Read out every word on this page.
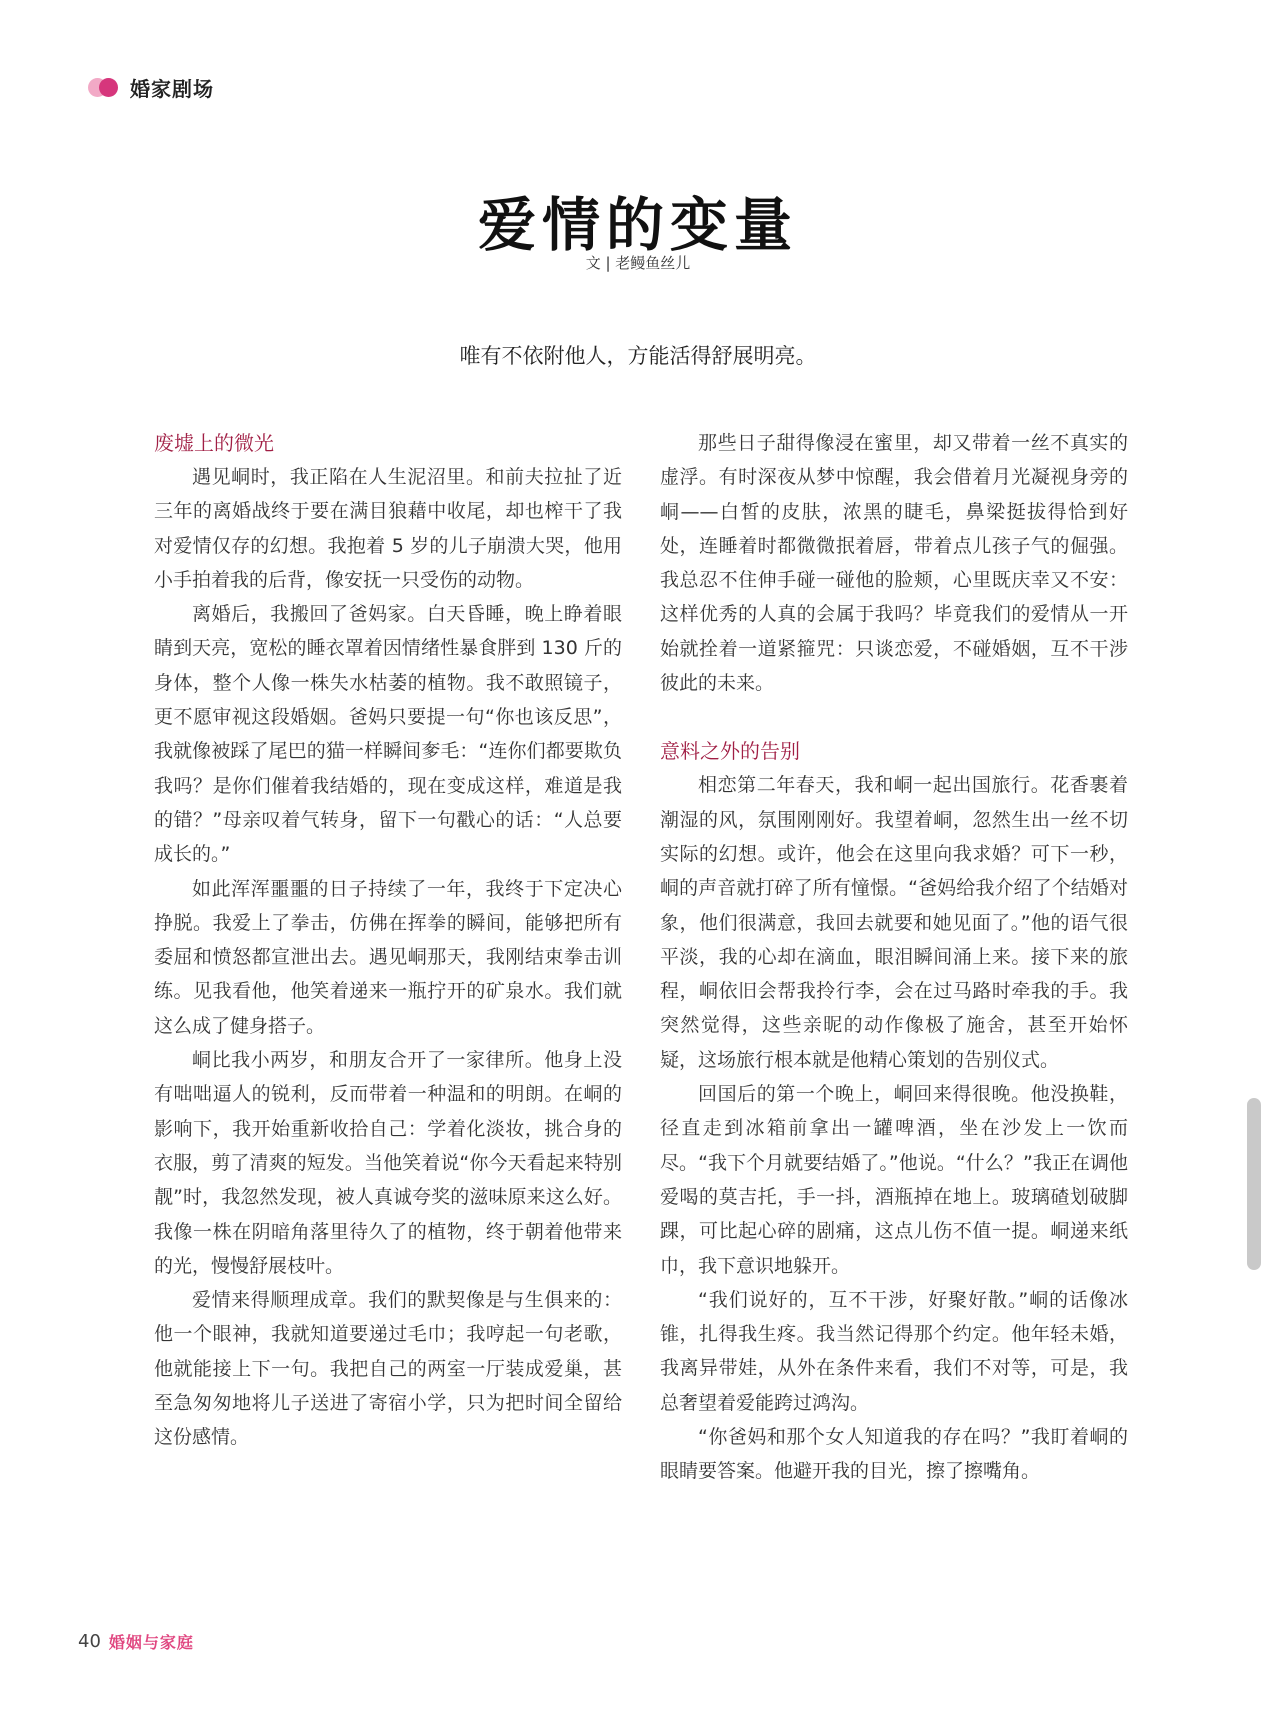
婚家剧场
爱情的变量
文 | 老鳗鱼丝儿
唯有不依附他人，方能活得舒展明亮。
废墟上的微光

遇见峒时，我正陷在人生泥沼里。和前夫拉扯了近三年的离婚战终于要在满目狼藉中收尾，却也榨干了我对爱情仅存的幻想。我抱着 5 岁的儿子崩溃大哭，他用小手拍着我的后背，像安抚一只受伤的动物。

离婚后，我搬回了爸妈家。白天昏睡，晚上睁着眼睛到天亮，宽松的睡衣罩着因情绪性暴食胖到 130 斤的身体，整个人像一株失水枯萎的植物。我不敢照镜子，更不愿审视这段婚姻。爸妈只要提一句“你也该反思”，我就像被踩了尾巴的猫一样瞬间奓毛：“连你们都要欺负我吗？是你们催着我结婚的，现在变成这样，难道是我的错？”母亲叹着气转身，留下一句戳心的话：“人总要成长的。”

如此浑浑噩噩的日子持续了一年，我终于下定决心挣脱。我爱上了拳击，仿佛在挥拳的瞬间，能够把所有委屈和愤怒都宣泄出去。遇见峒那天，我刚结束拳击训练。见我看他，他笑着递来一瓶拧开的矿泉水。我们就这么成了健身搭子。

峒比我小两岁，和朋友合开了一家律所。他身上没有咄咄逼人的锐利，反而带着一种温和的明朗。在峒的影响下，我开始重新收拾自己：学着化淡妆，挑合身的衣服，剪了清爽的短发。当他笑着说“你今天看起来特别靓”时，我忽然发现，被人真诚夸奖的滋味原来这么好。我像一株在阴暗角落里待久了的植物，终于朝着他带来的光，慢慢舒展枝叶。

爱情来得顺理成章。我们的默契像是与生俱来的：他一个眼神，我就知道要递过毛巾；我哼起一句老歌，他就能接上下一句。我把自己的两室一厅装成爱巢，甚至急匆匆地将儿子送进了寄宿小学，只为把时间全留给这份感情。

那些日子甜得像浸在蜜里，却又带着一丝不真实的虚浮。有时深夜从梦中惊醒，我会借着月光凝视身旁的峒——白皙的皮肤，浓黑的睫毛，鼻梁挺拔得恰到好处，连睡着时都微微抿着唇，带着点儿孩子气的倔强。我总忍不住伸手碰一碰他的脸颊，心里既庆幸又不安：这样优秀的人真的会属于我吗？毕竟我们的爱情从一开始就拴着一道紧箍咒：只谈恋爱，不碰婚姻，互不干涉彼此的未来。

意料之外的告别

相恋第二年春天，我和峒一起出国旅行。花香裹着潮湿的风，氛围刚刚好。我望着峒，忽然生出一丝不切实际的幻想。或许，他会在这里向我求婚？可下一秒，峒的声音就打碎了所有憧憬。“爸妈给我介绍了个结婚对象，他们很满意，我回去就要和她见面了。”他的语气很平淡，我的心却在滴血，眼泪瞬间涌上来。接下来的旅程，峒依旧会帮我拎行李，会在过马路时牵我的手。我突然觉得，这些亲昵的动作像极了施舍，甚至开始怀疑，这场旅行根本就是他精心策划的告别仪式。

回国后的第一个晚上，峒回来得很晚。他没换鞋，径直走到冰箱前拿出一罐啤酒，坐在沙发上一饮而尽。“我下个月就要结婚了。”他说。“什么？”我正在调他爱喝的莫吉托，手一抖，酒瓶掉在地上。玻璃碴划破脚踝，可比起心碎的剧痛，这点儿伤不值一提。峒递来纸巾，我下意识地躲开。

“我们说好的，互不干涉，好聚好散。”峒的话像冰锥，扎得我生疼。我当然记得那个约定。他年轻未婚，我离异带娃，从外在条件来看，我们不对等，可是，我总奢望着爱能跨过鸿沟。

“你爸妈和那个女人知道我的存在吗？”我盯着峒的眼睛要答案。他避开我的目光，擦了擦嘴角。

40 婚姻与家庭
